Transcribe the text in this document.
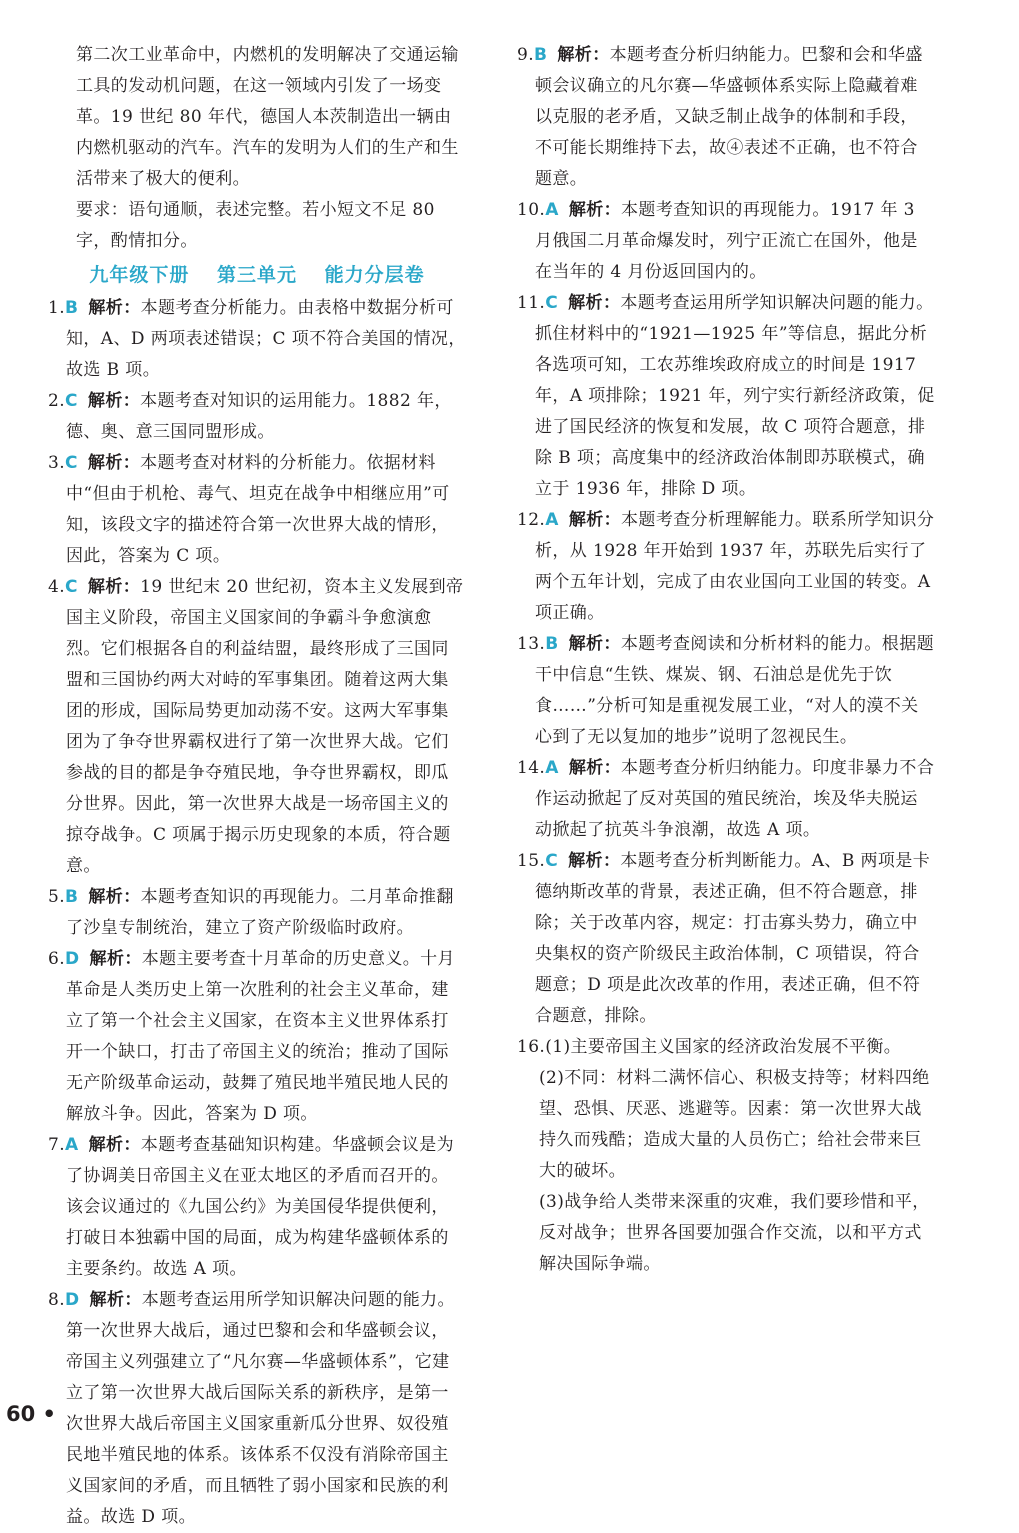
第二次工业革命中，内燃机的发明解决了交通运输工具的发动机问题，在这一领域内引发了一场变革。19 世纪 80 年代，德国人本茨制造出一辆由内燃机驱动的汽车。汽车的发明为人们的生产和生活带来了极大的便利。

要求：语句通顺，表述完整。若小短文不足 80 字，酌情扣分。

九年级下册 第三单元 能力分层卷

1.B 解析：本题考查分析能力。由表格中数据分析可知，A、D 两项表述错误；C 项不符合美国的情况，故选 B 项。

2.C 解析：本题考查对知识的运用能力。1882 年，德、奥、意三国同盟形成。

3.C 解析：本题考查对材料的分析能力。依据材料中“但由于机枪、毒气、坦克在战争中相继应用”可知，该段文字的描述符合第一次世界大战的情形，因此，答案为 C 项。

4.C 解析：19 世纪末 20 世纪初，资本主义发展到帝国主义阶段，帝国主义国家间的争霸斗争愈演愈烈。它们根据各自的利益结盟，最终形成了三国同盟和三国协约两大对峙的军事集团。随着这两大集团的形成，国际局势更加动荡不安。这两大军事集团为了争夺世界霸权进行了第一次世界大战。它们参战的目的都是争夺殖民地，争夺世界霸权，即瓜分世界。因此，第一次世界大战是一场帝国主义的掠夺战争。C 项属于揭示历史现象的本质，符合题意。

5.B 解析：本题考查知识的再现能力。二月革命推翻了沙皇专制统治，建立了资产阶级临时政府。

6.D 解析：本题主要考查十月革命的历史意义。十月革命是人类历史上第一次胜利的社会主义革命，建立了第一个社会主义国家，在资本主义世界体系打开一个缺口，打击了帝国主义的统治；推动了国际无产阶级革命运动，鼓舞了殖民地半殖民地人民的解放斗争。因此，答案为 D 项。

7.A 解析：本题考查基础知识构建。华盛顿会议是为了协调美日帝国主义在亚太地区的矛盾而召开的。该会议通过的《九国公约》为美国侵华提供便利，打破日本独霸中国的局面，成为构建华盛顿体系的主要条约。故选 A 项。

8.D 解析：本题考查运用所学知识解决问题的能力。第一次世界大战后，通过巴黎和会和华盛顿会议，帝国主义列强建立了“凡尔赛—华盛顿体系”，它建立了第一次世界大战后国际关系的新秩序，是第一次世界大战后帝国主义国家重新瓜分世界、奴役殖民地半殖民地的体系。该体系不仅没有消除帝国主义国家间的矛盾，而且牺牲了弱小国家和民族的利益。故选 D 项。

9.B 解析：本题考查分析归纳能力。巴黎和会和华盛顿会议确立的凡尔赛—华盛顿体系实际上隐藏着难以克服的老矛盾，又缺乏制止战争的体制和手段，不可能长期维持下去，故④表述不正确，也不符合题意。

10.A 解析：本题考查知识的再现能力。1917 年 3 月俄国二月革命爆发时，列宁正流亡在国外，他是在当年的 4 月份返回国内的。

11.C 解析：本题考查运用所学知识解决问题的能力。抓住材料中的“1921—1925 年”等信息，据此分析各选项可知，工农苏维埃政府成立的时间是 1917 年，A 项排除；1921 年，列宁实行新经济政策，促进了国民经济的恢复和发展，故 C 项符合题意，排除 B 项；高度集中的经济政治体制即苏联模式，确立于 1936 年，排除 D 项。

12.A 解析：本题考查分析理解能力。联系所学知识分析，从 1928 年开始到 1937 年，苏联先后实行了两个五年计划，完成了由农业国向工业国的转变。A 项正确。

13.B 解析：本题考查阅读和分析材料的能力。根据题干中信息“生铁、煤炭、钢、石油总是优先于饮食……”分析可知是重视发展工业，“对人的漠不关心到了无以复加的地步”说明了忽视民生。

14.A 解析：本题考查分析归纳能力。印度非暴力不合作运动掀起了反对英国的殖民统治，埃及华夫脱运动掀起了抗英斗争浪潮，故选 A 项。

15.C 解析：本题考查分析判断能力。A、B 两项是卡德纳斯改革的背景，表述正确，但不符合题意，排除；关于改革内容，规定：打击寡头势力，确立中央集权的资产阶级民主政治体制，C 项错误，符合题意；D 项是此次改革的作用，表述正确，但不符合题意，排除。

16.(1)主要帝国主义国家的经济政治发展不平衡。

(2)不同：材料二满怀信心、积极支持等；材料四绝望、恐惧、厌恶、逃避等。因素：第一次世界大战持久而残酷；造成大量的人员伤亡；给社会带来巨大的破坏。

(3)战争给人类带来深重的灾难，我们要珍惜和平，反对战争；世界各国要加强合作交流，以和平方式解决国际争端。

60 •
